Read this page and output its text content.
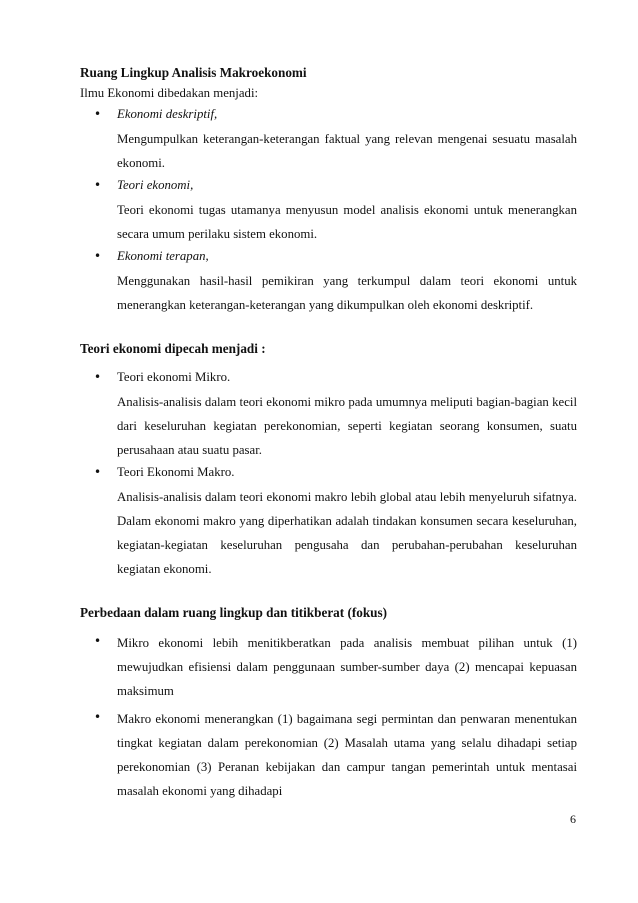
Ruang Lingkup Analisis Makroekonomi

Ilmu Ekonomi dibedakan menjadi:

• Ekonomi deskriptif,

Mengumpulkan keterangan-keterangan faktual yang relevan mengenai sesuatu masalah ekonomi.

• Teori ekonomi,

Teori ekonomi tugas utamanya menyusun model analisis ekonomi untuk menerangkan secara umum perilaku sistem ekonomi.

• Ekonomi terapan,

Menggunakan hasil-hasil pemikiran yang terkumpul dalam teori ekonomi untuk menerangkan keterangan-keterangan yang dikumpulkan oleh ekonomi deskriptif.

Teori ekonomi dipecah menjadi :
• Teori ekonomi Mikro.

Analisis-analisis dalam teori ekonomi mikro pada umumnya meliputi bagian-bagian kecil dari keseluruhan kegiatan perekonomian, seperti kegiatan seorang konsumen, suatu perusahaan atau suatu pasar.

• Teori Ekonomi Makro.

Analisis-analisis dalam teori ekonomi makro lebih global atau lebih menyeluruh sifatnya. Dalam ekonomi makro yang diperhatikan adalah tindakan konsumen secara keseluruhan, kegiatan-kegiatan keseluruhan pengusaha dan perubahan-perubahan keseluruhan kegiatan ekonomi.

Perbedaan dalam ruang lingkup dan titikberat (fokus)
• Mikro ekonomi lebih menitikberatkan pada analisis membuat pilihan untuk (1) mewujudkan efisiensi dalam penggunaan sumber-sumber daya (2) mencapai kepuasan maksimum

• Makro ekonomi menerangkan (1) bagaimana segi permintan dan penwaran menentukan tingkat kegiatan dalam perekonomian (2) Masalah utama yang selalu dihadapi setiap perekonomian (3) Peranan kebijakan dan campur tangan pemerintah untuk mentasai masalah ekonomi yang dihadapi

6
